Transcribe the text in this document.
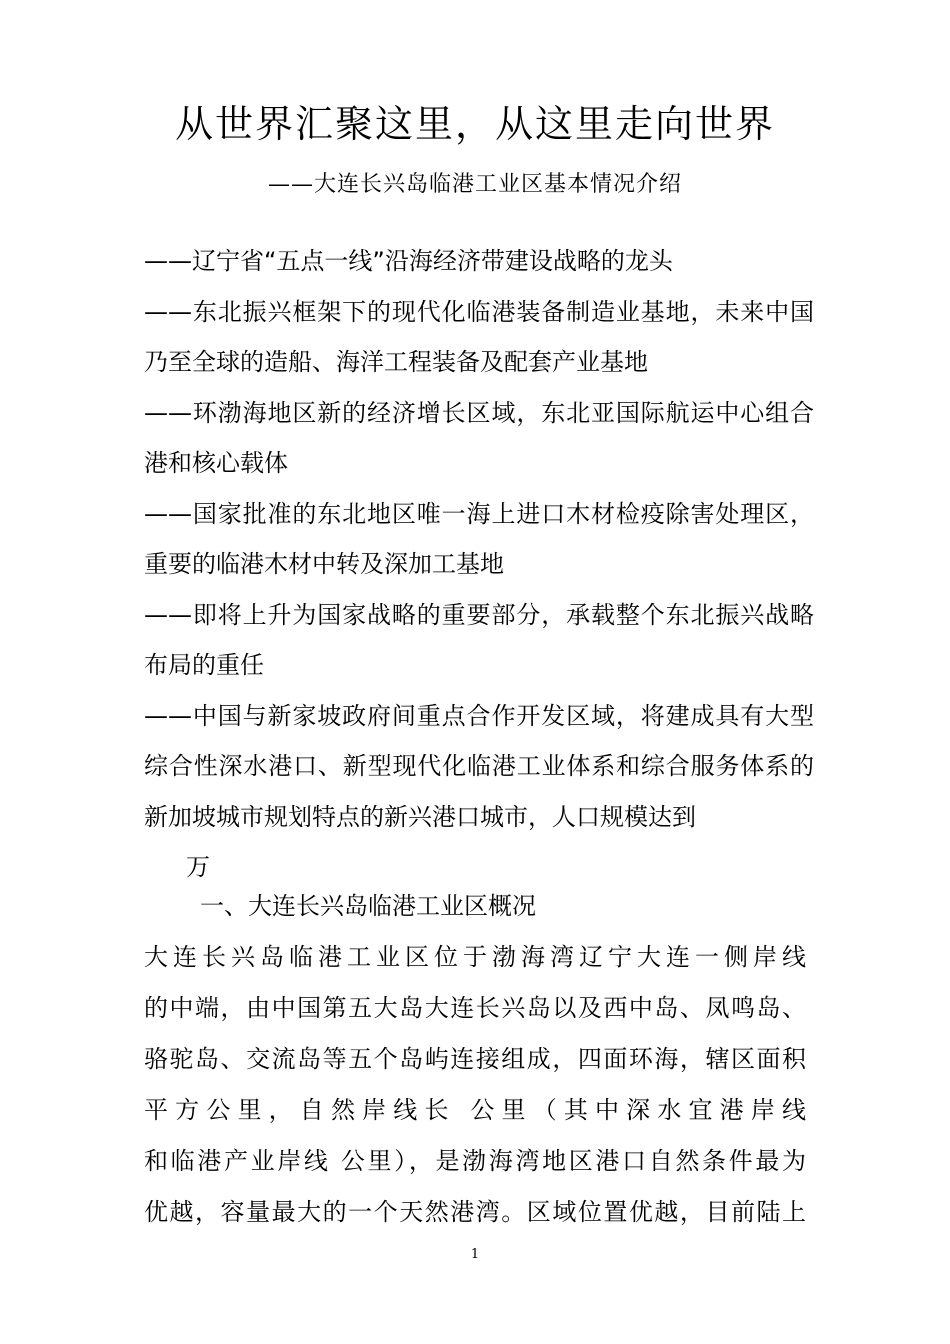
从世界汇聚这里，从这里走向世界
——大连长兴岛临港工业区基本情况介绍
——辽宁省“五点一线”沿海经济带建设战略的龙头
——东北振兴框架下的现代化临港装备制造业基地，未来中国乃至全球的造船、海洋工程装备及配套产业基地
——环渤海地区新的经济增长区域，东北亚国际航运中心组合港和核心载体
——国家批准的东北地区唯一海上进口木材检疫除害处理区，重要的临港木材中转及深加工基地
——即将上升为国家战略的重要部分，承载整个东北振兴战略布局的重任
——中国与新家坡政府间重点合作开发区域，将建成具有大型综合性深水港口、新型现代化临港工业体系和综合服务体系的新加坡城市规划特点的新兴港口城市，人口规模达到
万
一、大连长兴岛临港工业区概况
大连长兴岛临港工业区位于渤海湾辽宁大连一侧岸线
的中端，由中国第五大岛大连长兴岛以及西中岛、凤鸣岛、
骆驼岛、交流岛等五个岛屿连接组成，四面环海，辖区面积
平方公里，自然岸线长 公里（其中深水宜港岸线
和临港产业岸线 公里），是渤海湾地区港口自然条件最为
优越，容量最大的一个天然港湾。区域位置优越，目前陆上
1
